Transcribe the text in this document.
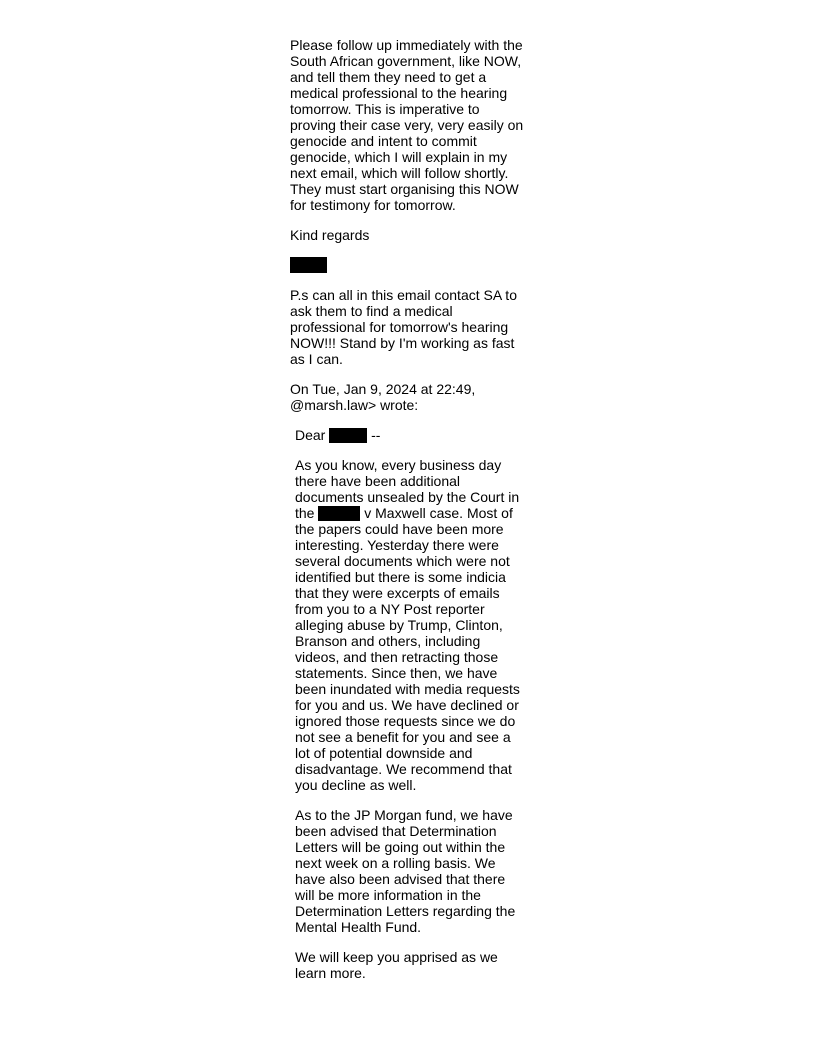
Please follow up immediately with the South African government, like NOW, and tell them they need to get a medical professional to the hearing tomorrow. This is imperative to proving their case very, very easily on genocide and intent to commit genocide, which I will explain in my next email, which will follow shortly. They must start organising this NOW for testimony for tomorrow.

Kind regards

P.s can all in this email contact SA to ask them to find a medical professional for tomorrow's hearing NOW!!! Stand by I'm working as fast as I can.

On Tue, Jan 9, 2024 at 22:49, @marsh.law> wrote:

Dear	--

As you know, every business day there have been additional documents unsealed by the Court in the	v Maxwell case. Most of the papers could have been more interesting. Yesterday there were several documents which were not identified but there is some indicia that they were excerpts of emails from you to a NY Post reporter alleging abuse by Trump, Clinton, Branson and others, including videos, and then retracting those statements. Since then, we have been inundated with media requests for you and us. We have declined or ignored those requests since we do not see a benefit for you and see a lot of potential downside and disadvantage. We recommend that you decline as well.

As to the JP Morgan fund, we have been advised that Determination Letters will be going out within the next week on a rolling basis. We have also been advised that there will be more information in the Determination Letters regarding the Mental Health Fund.

We will keep you apprised as we learn more.
